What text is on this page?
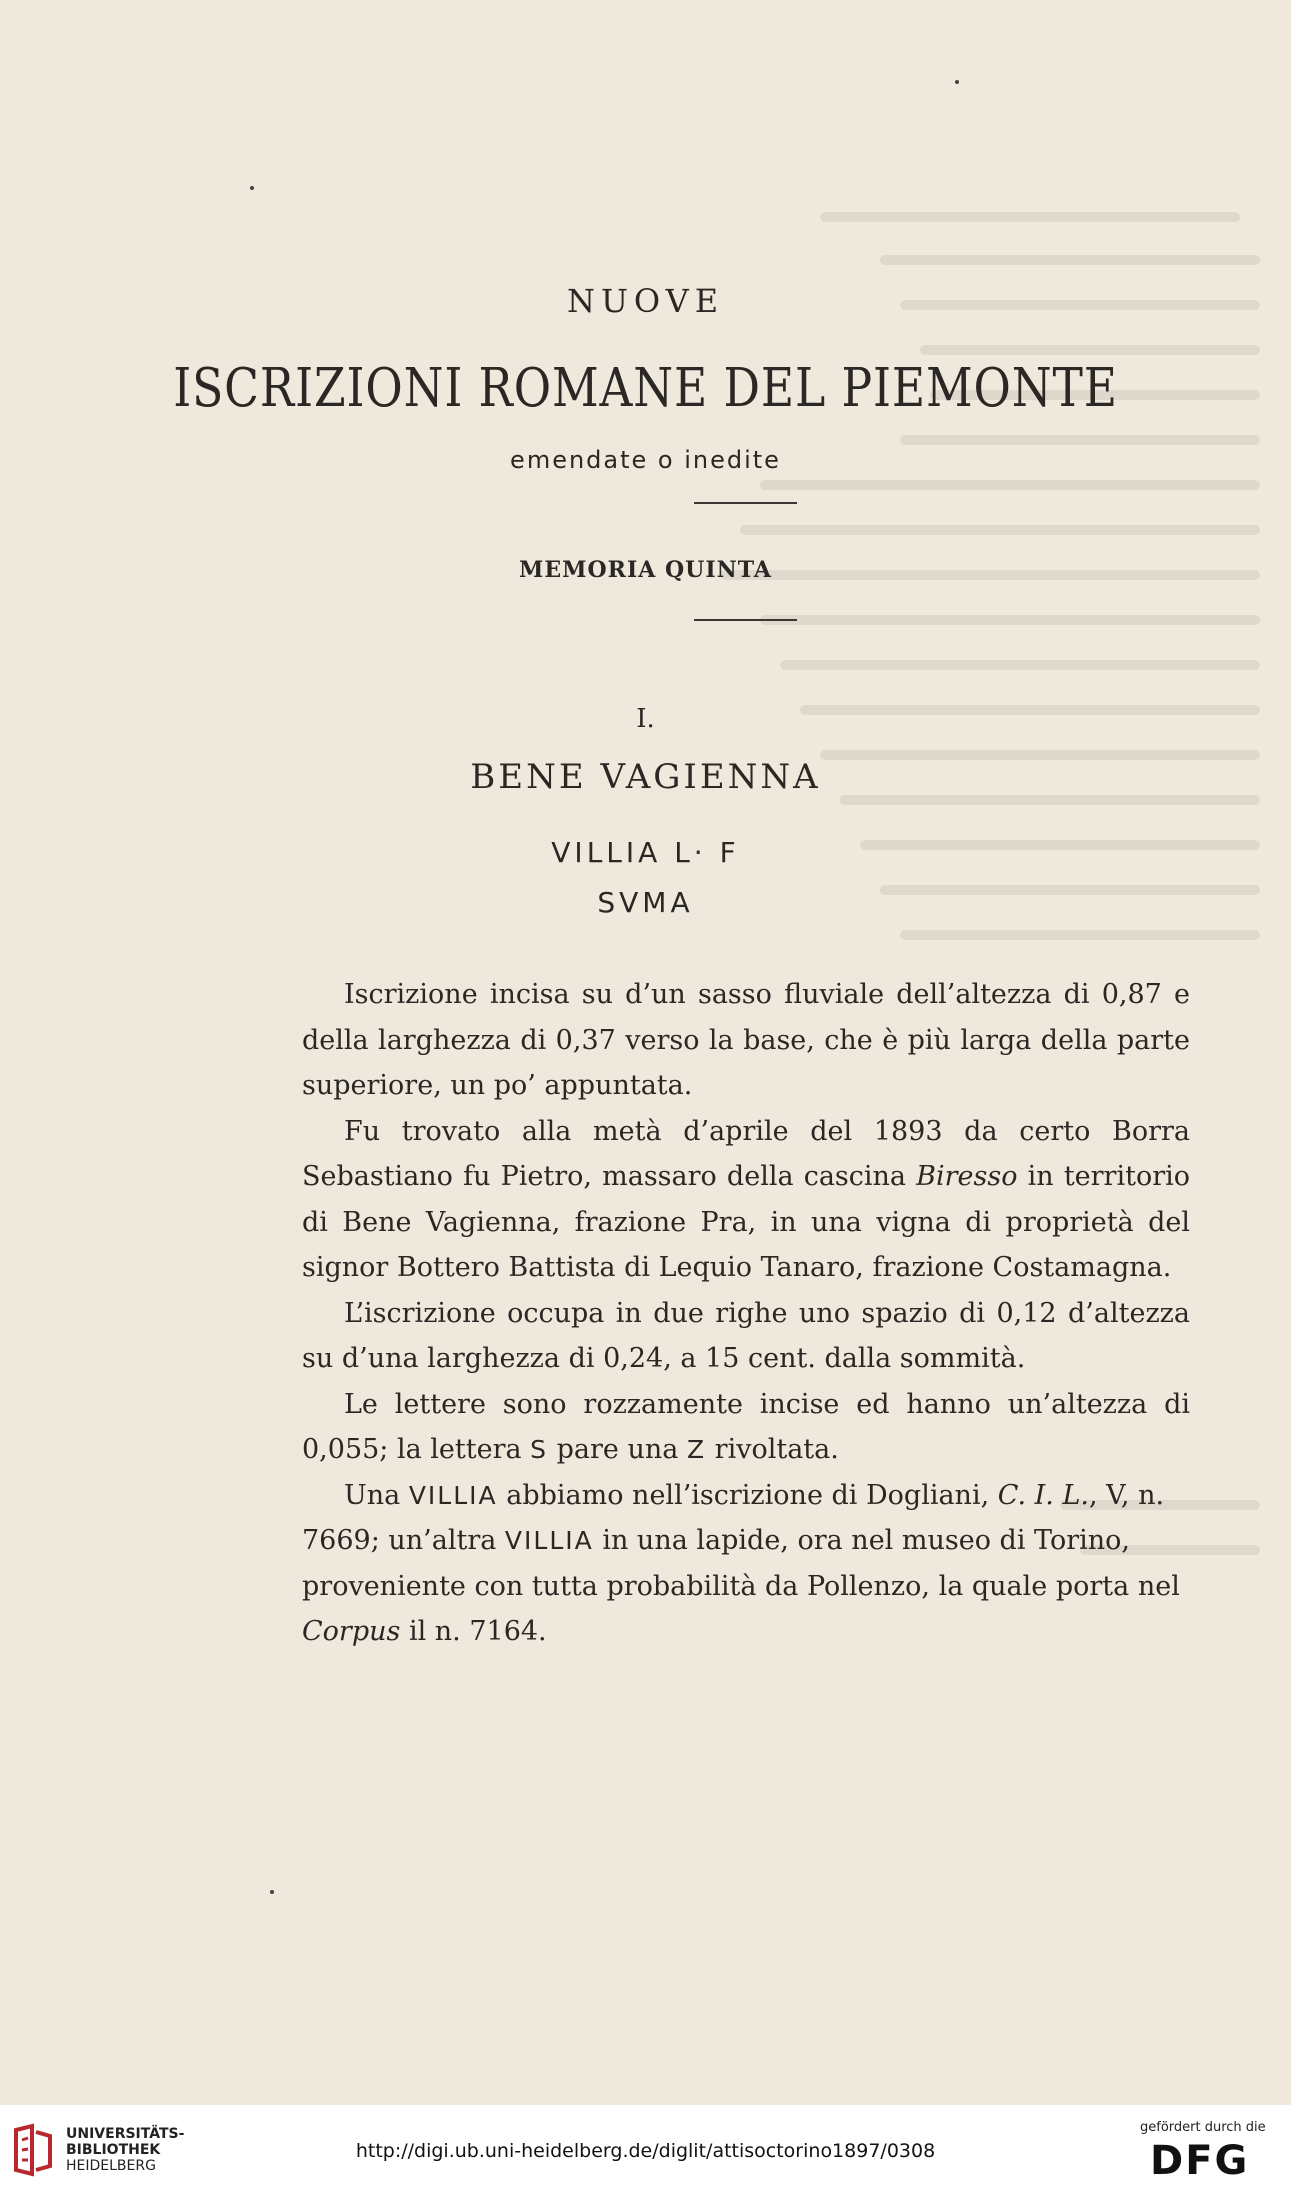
NUOVE
ISCRIZIONI ROMANE DEL PIEMONTE
emendate o inedite
MEMORIA QUINTA
I.
BENE VAGIENNA
VILLIA L· F
SVMA

Iscrizione incisa su d’un sasso fluviale dell’altezza di 0,87 e della larghezza di 0,37 verso la base, che è più larga della parte superiore, un po’ appuntata.

Fu trovato alla metà d’aprile del 1893 da certo Borra Sebastiano fu Pietro, massaro della cascina Biresso in territorio di Bene Vagienna, frazione Pra, in una vigna di proprietà del signor Bottero Battista di Lequio Tanaro, frazione Costamagna.

L’iscrizione occupa in due righe uno spazio di 0,12 d’altezza su d’una larghezza di 0,24, a 15 cent. dalla sommità.

Le lettere sono rozzamente incise ed hanno un’altezza di 0,055; la lettera S pare una Z rivoltata.

Una VILLIA abbiamo nell’iscrizione di Dogliani, C. I. L., V, n. 7669; un’altra VILLIA in una lapide, ora nel museo di Torino, proveniente con tutta probabilità da Pollenzo, la quale porta nel Corpus il n. 7164.

UNIVERSITÄTS-
BIBLIOTHEK
HEIDELBERG
http://digi.ub.uni-heidelberg.de/diglit/attisoctorino1897/0308
gefördert durch die
DFG
